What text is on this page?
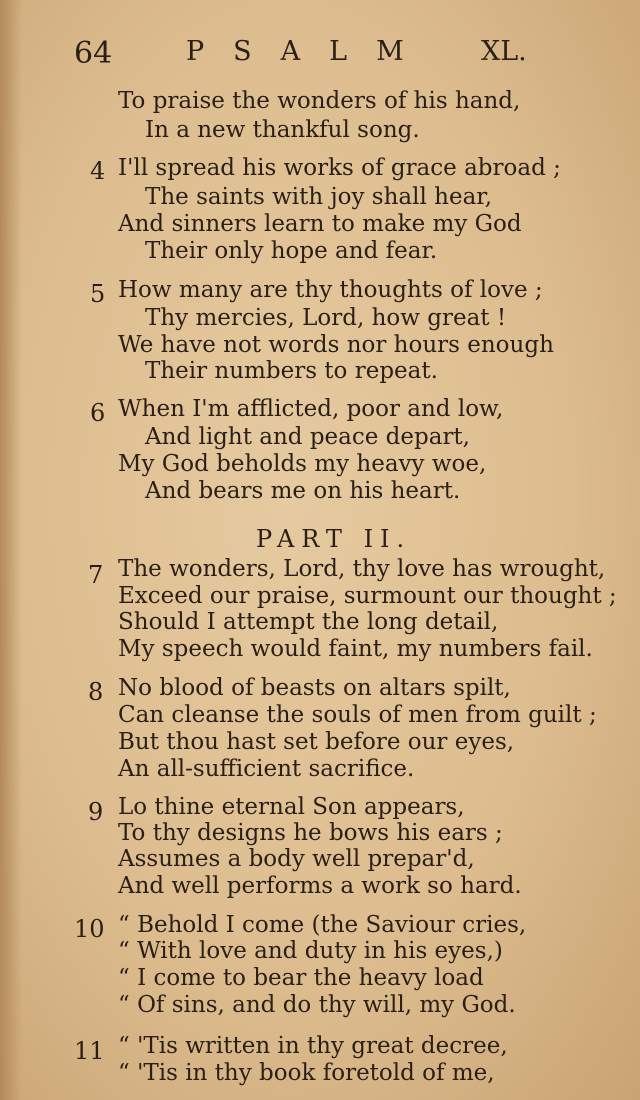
64	PSALM XL.
To praise the wonders of his hand,
In a new thankful song.
4 I'll spread his works of grace abroad ;
The saints with joy shall hear,
And sinners learn to make my God
Their only hope and fear.
5 How many are thy thoughts of love ;
Thy mercies, Lord, how great !
We have not words nor hours enough
Their numbers to repeat.
6 When I'm afflicted, poor and low,
And light and peace depart,
My God beholds my heavy woe,
And bears me on his heart.
PART II.
7 The wonders, Lord, thy love has wrought,
Exceed our praise, surmount our thought ;
Should I attempt the long detail,
My speech would faint, my numbers fail.
8 No blood of beasts on altars spilt,
Can cleanse the souls of men from guilt ;
But thou hast set before our eyes,
An all-sufficient sacrifice.
9 Lo thine eternal Son appears,
To thy designs he bows his ears ;
Assumes a body well prepar'd,
And well performs a work so hard.
10 “ Behold I come (the Saviour cries,
“ With love and duty in his eyes,)
“ I come to bear the heavy load
“ Of sins, and do thy will, my God.
11 “ 'Tis written in thy great decree,
“ 'Tis in thy book foretold of me,
